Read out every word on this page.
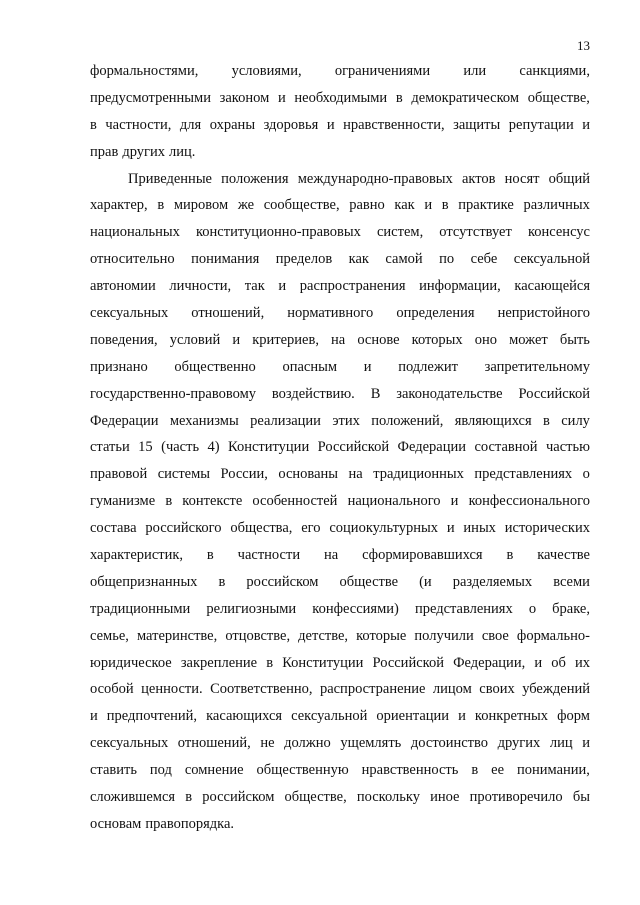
13
формальностями, условиями, ограничениями или санкциями,
предусмотренными законом и необходимыми в демократическом обществе,
в частности, для охраны здоровья и нравственности, защиты репутации и
прав других лиц.
Приведенные положения международно-правовых актов носят общий
характер, в мировом же сообществе, равно как и в практике различных
национальных конституционно-правовых систем, отсутствует консенсус
относительно понимания пределов как самой по себе сексуальной
автономии личности, так и распространения информации, касающейся
сексуальных отношений, нормативного определения непристойного
поведения, условий и критериев, на основе которых оно может быть
признано общественно опасным и подлежит запретительному
государственно-правовому воздействию. В законодательстве Российской
Федерации механизмы реализации этих положений, являющихся в силу
статьи 15 (часть 4) Конституции Российской Федерации составной частью
правовой системы России, основаны на традиционных представлениях о
гуманизме в контексте особенностей национального и конфессионального
состава российского общества, его социокультурных и иных исторических
характеристик, в частности на сформировавшихся в качестве
общепризнанных в российском обществе (и разделяемых всеми
традиционными религиозными конфессиями) представлениях о браке,
семье, материнстве, отцовстве, детстве, которые получили свое формально-
юридическое закрепление в Конституции Российской Федерации, и об их
особой ценности. Соответственно, распространение лицом своих убеждений
и предпочтений, касающихся сексуальной ориентации и конкретных форм
сексуальных отношений, не должно ущемлять достоинство других лиц и
ставить под сомнение общественную нравственность в ее понимании,
сложившемся в российском обществе, поскольку иное противоречило бы
основам правопорядка.
